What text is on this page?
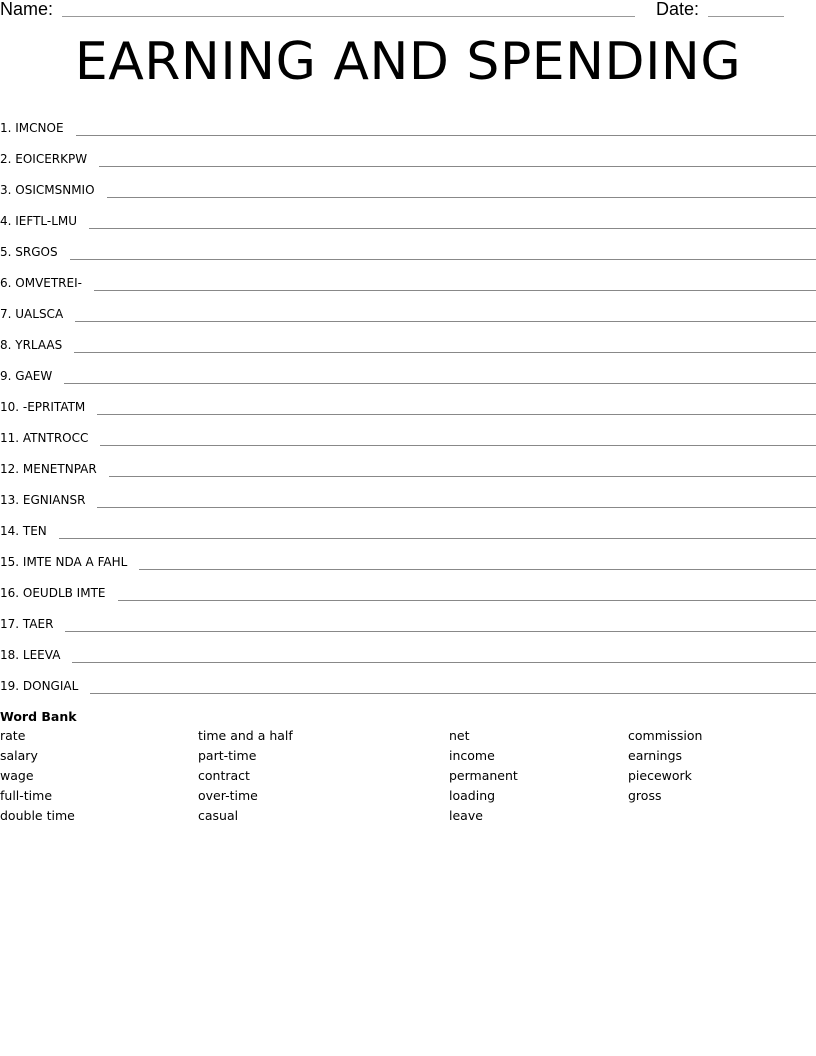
Name:	Date:
EARNING AND SPENDING
1. IMCNOE
2. EOICERKPW
3. OSICMSNMIO
4. IEFTL-LMU
5. SRGOS
6. OMVETREI-
7. UALSCA
8. YRLAAS
9. GAEW
10. -EPRITATM
11. ATNTROCC
12. MENETNPAR
13. EGNIANSR
14. TEN
15. IMTE NDA A FAHL
16. OEUDLB IMTE
17. TAER
18. LEEVA
19. DONGIAL
Word Bank
rate
salary
wage
full-time
double time
time and a half
part-time
contract
over-time
casual
net
income
permanent
loading
leave
commission
earnings
piecework
gross
